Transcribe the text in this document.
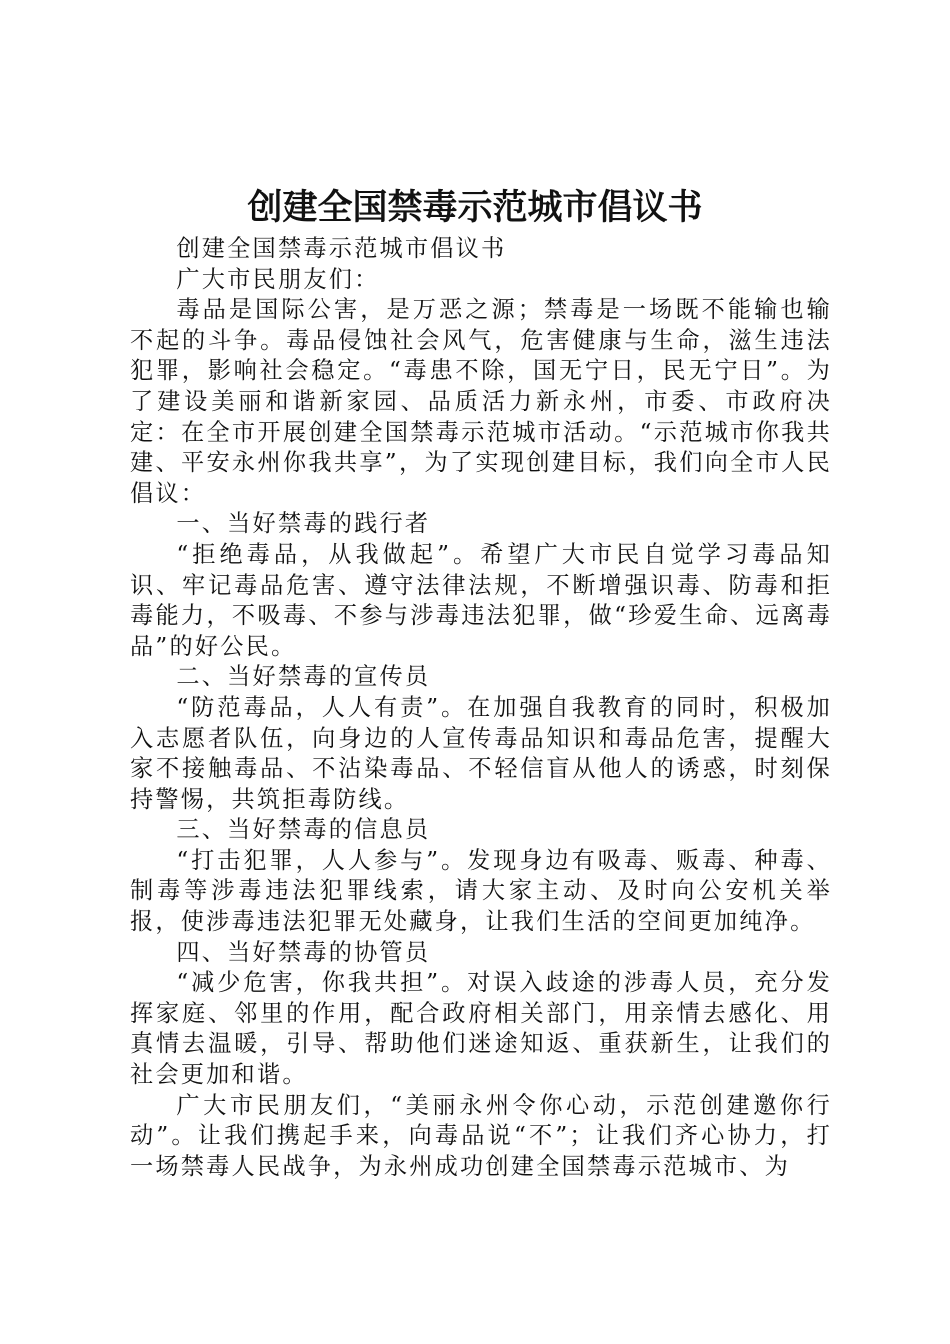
创建全国禁毒示范城市倡议书

创建全国禁毒示范城市倡议书

广大市民朋友们：

毒品是国际公害，是万恶之源；禁毒是一场既不能输也输不起的斗争。毒品侵蚀社会风气，危害健康与生命，滋生违法犯罪，影响社会稳定。“毒患不除，国无宁日，民无宁日”。为了建设美丽和谐新家园、品质活力新永州，市委、市政府决定：在全市开展创建全国禁毒示范城市活动。“示范城市你我共建、平安永州你我共享”，为了实现创建目标，我们向全市人民倡议：

一、当好禁毒的践行者

“拒绝毒品，从我做起”。希望广大市民自觉学习毒品知识、牢记毒品危害、遵守法律法规，不断增强识毒、防毒和拒毒能力，不吸毒、不参与涉毒违法犯罪，做“珍爱生命、远离毒品”的好公民。

二、当好禁毒的宣传员

“防范毒品，人人有责”。在加强自我教育的同时，积极加入志愿者队伍，向身边的人宣传毒品知识和毒品危害，提醒大家不接触毒品、不沾染毒品、不轻信盲从他人的诱惑，时刻保持警惕，共筑拒毒防线。

三、当好禁毒的信息员

“打击犯罪，人人参与”。发现身边有吸毒、贩毒、种毒、制毒等涉毒违法犯罪线索，请大家主动、及时向公安机关举报，使涉毒违法犯罪无处藏身，让我们生活的空间更加纯净。

四、当好禁毒的协管员

“减少危害，你我共担”。对误入歧途的涉毒人员，充分发挥家庭、邻里的作用，配合政府相关部门，用亲情去感化、用真情去温暖，引导、帮助他们迷途知返、重获新生，让我们的社会更加和谐。

广大市民朋友们，“美丽永州令你心动，示范创建邀你行动”。让我们携起手来，向毒品说“不”；让我们齐心协力，打一场禁毒人民战争，为永州成功创建全国禁毒示范城市、为
